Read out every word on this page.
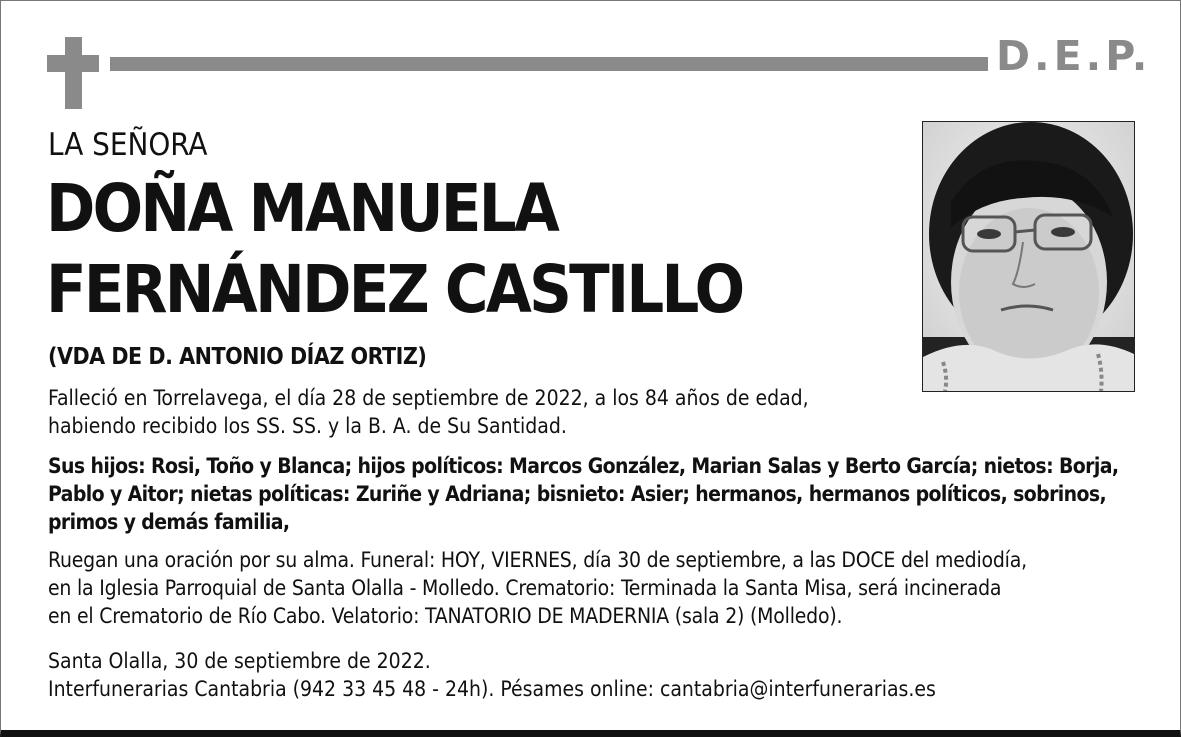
D.E.P.
LA SEÑORA
DOÑA MANUELA
FERNÁNDEZ CASTILLO
(VDA DE D. ANTONIO DÍAZ ORTIZ)
Falleció en Torrelavega, el día 28 de septiembre de 2022, a los 84 años de edad,
habiendo recibido los SS. SS. y la B. A. de Su Santidad.
Sus hijos: Rosi, Toño y Blanca; hijos políticos: Marcos González, Marian Salas y Berto García; nietos: Borja,
Pablo y Aitor; nietas políticas: Zuriñe y Adriana; bisnieto: Asier; hermanos, hermanos políticos, sobrinos,
primos y demás familia,
Ruegan una oración por su alma. Funeral: HOY, VIERNES, día 30 de septiembre, a las DOCE del mediodía,
en la Iglesia Parroquial de Santa Olalla - Molledo. Crematorio: Terminada la Santa Misa, será incinerada
en el Crematorio de Río Cabo. Velatorio: TANATORIO DE MADERNIA (sala 2) (Molledo).
Santa Olalla, 30 de septiembre de 2022.
Interfunerarias Cantabria (942 33 45 48 - 24h). Pésames online: cantabria@interfunerarias.es
